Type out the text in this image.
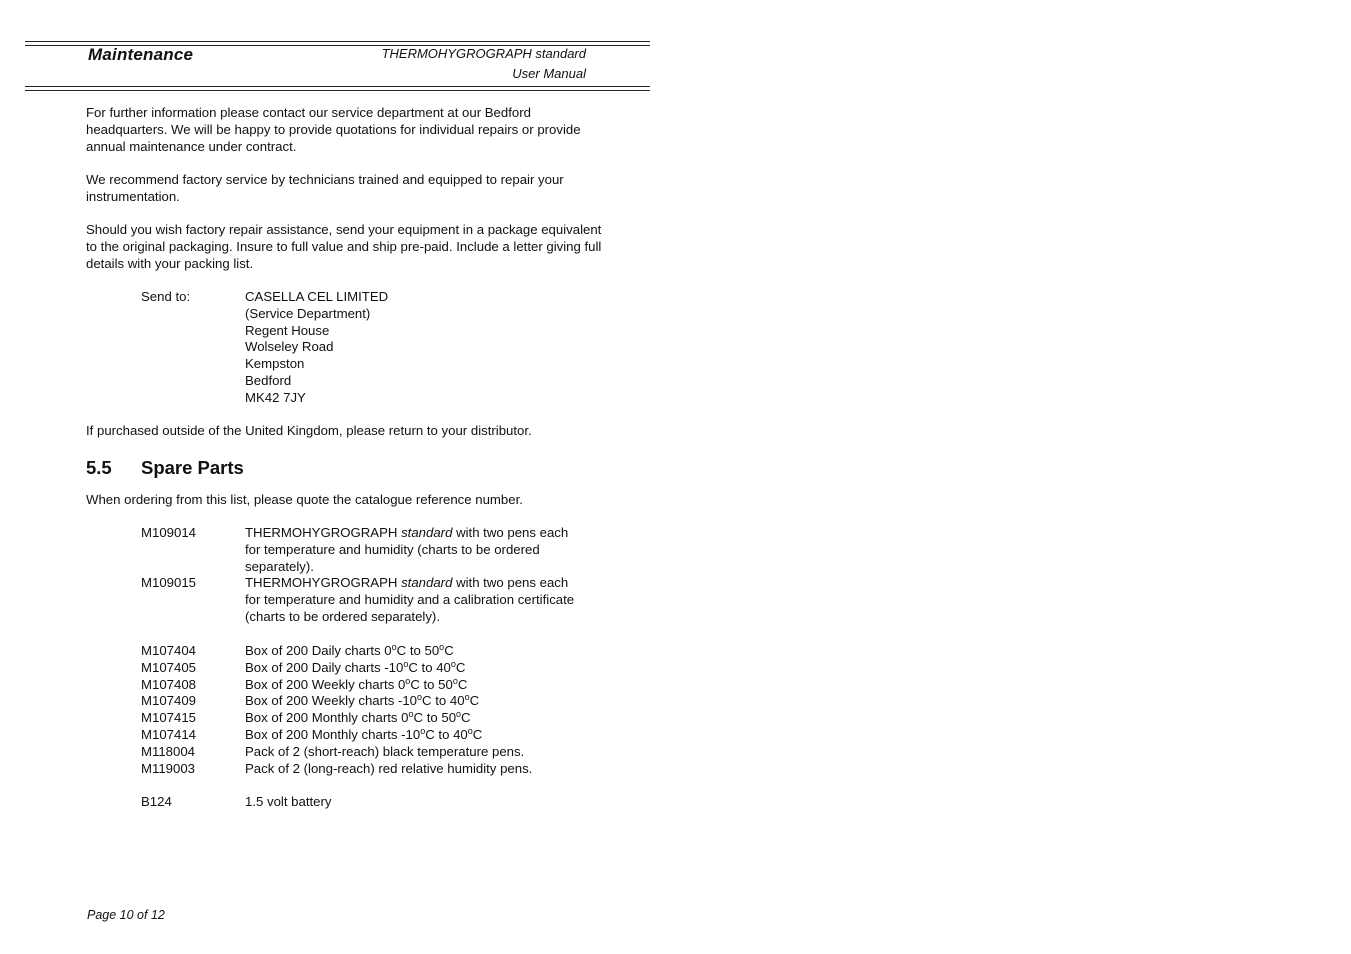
Maintenance	THERMOHYGROGRAPH standard
User Manual

For further information please contact our service department at our Bedford headquarters. We will be happy to provide quotations for individual repairs or provide annual maintenance under contract.

We recommend factory service by technicians trained and equipped to repair your instrumentation.

Should you wish factory repair assistance, send your equipment in a package equivalent to the original packaging. Insure to full value and ship pre-paid. Include a letter giving full details with your packing list.

Send to:	CASELLA CEL LIMITED
(Service Department)
Regent House
Wolseley Road
Kempston
Bedford
MK42 7JY

If purchased outside of the United Kingdom, please return to your distributor.

5.5 Spare Parts

When ordering from this list, please quote the catalogue reference number.

M109014	THERMOHYGROGRAPH standard with two pens each for temperature and humidity (charts to be ordered separately).
M109015	THERMOHYGROGRAPH standard with two pens each for temperature and humidity and a calibration certificate (charts to be ordered separately).
M107404	Box of 200 Daily charts 0$^o$C to 50$^o$C
M107405	Box of 200 Daily charts -10$^o$C to 40$^o$C
M107408	Box of 200 Weekly charts 0$^o$C to 50$^o$C
M107409	Box of 200 Weekly charts -10$^o$C to 40$^o$C
M107415	Box of 200 Monthly charts 0$^o$C to 50$^o$C
M107414	Box of 200 Monthly charts -10$^o$C to 40$^o$C
M118004	Pack of 2 (short-reach) black temperature pens.
M119003	Pack of 2 (long-reach) red relative humidity pens.
B124	1.5 volt battery
Page 10 of 12
